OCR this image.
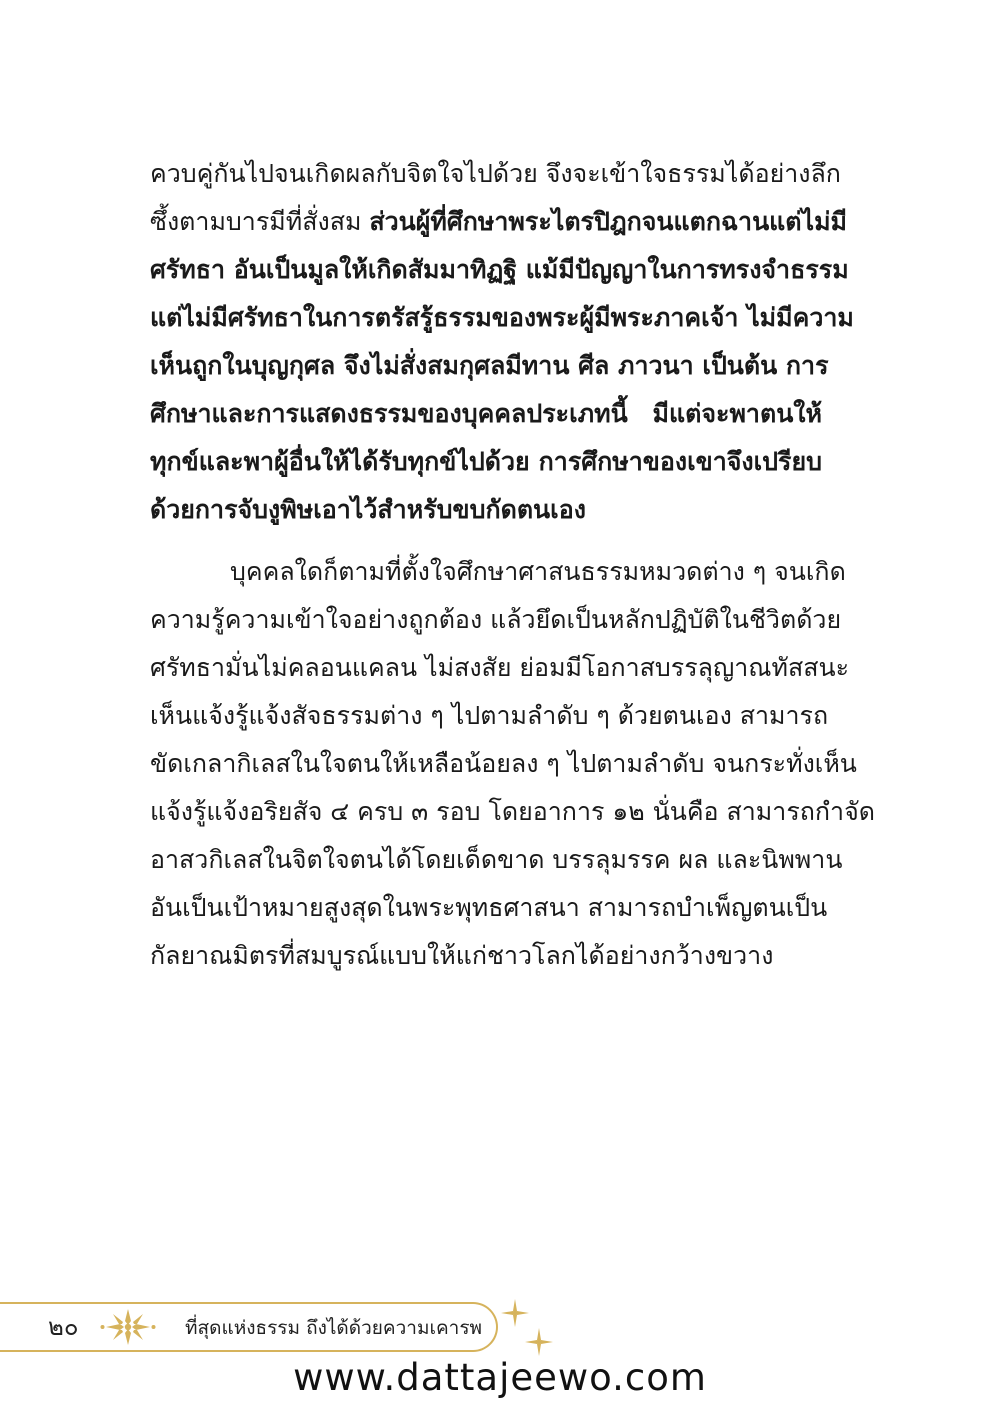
ควบคู่กันไปจนเกิดผลกับจิตใจไปด้วย จึงจะเข้าใจธรรมได้อย่างลึก
ซึ้งตามบารมีที่สั่งสม ส่วนผู้ที่ศึกษาพระไตรปิฎกจนแตกฉานแต่ไม่มี
ศรัทธา อันเป็นมูลให้เกิดสัมมาทิฏฐิ แม้มีปัญญาในการทรงจำธรรม
แต่ไม่มีศรัทธาในการตรัสรู้ธรรมของพระผู้มีพระภาคเจ้า ไม่มีความ
เห็นถูกในบุญกุศล จึงไม่สั่งสมกุศลมีทาน ศีล ภาวนา เป็นต้น การ
ศึกษาและการแสดงธรรมของบุคคลประเภทนี้ มีแต่จะพาตนให้
ทุกข์และพาผู้อื่นให้ได้รับทุกข์ไปด้วย การศึกษาของเขาจึงเปรียบ
ด้วยการจับงูพิษเอาไว้สำหรับขบกัดตนเอง

บุคคลใดก็ตามที่ตั้งใจศึกษาศาสนธรรมหมวดต่าง ๆ จนเกิด
ความรู้ความเข้าใจอย่างถูกต้อง แล้วยึดเป็นหลักปฏิบัติในชีวิตด้วย
ศรัทธามั่นไม่คลอนแคลน ไม่สงสัย ย่อมมีโอกาสบรรลุญาณทัสสนะ
เห็นแจ้งรู้แจ้งสัจธรรมต่าง ๆ ไปตามลำดับ ๆ ด้วยตนเอง สามารถ
ขัดเกลากิเลสในใจตนให้เหลือน้อยลง ๆ ไปตามลำดับ จนกระทั่งเห็น
แจ้งรู้แจ้งอริยสัจ ๔ ครบ ๓ รอบ โดยอาการ ๑๒ นั่นคือ สามารถกำจัด
อาสวกิเลสในจิตใจตนได้โดยเด็ดขาด บรรลุมรรค ผล และนิพพาน
อันเป็นเป้าหมายสูงสุดในพระพุทธศาสนา สามารถบำเพ็ญตนเป็น
กัลยาณมิตรที่สมบูรณ์แบบให้แก่ชาวโลกได้อย่างกว้างขวาง

๒๐	ที่สุดแห่งธรรม ถึงได้ด้วยความเคารพ
www.dattajeewo.com
